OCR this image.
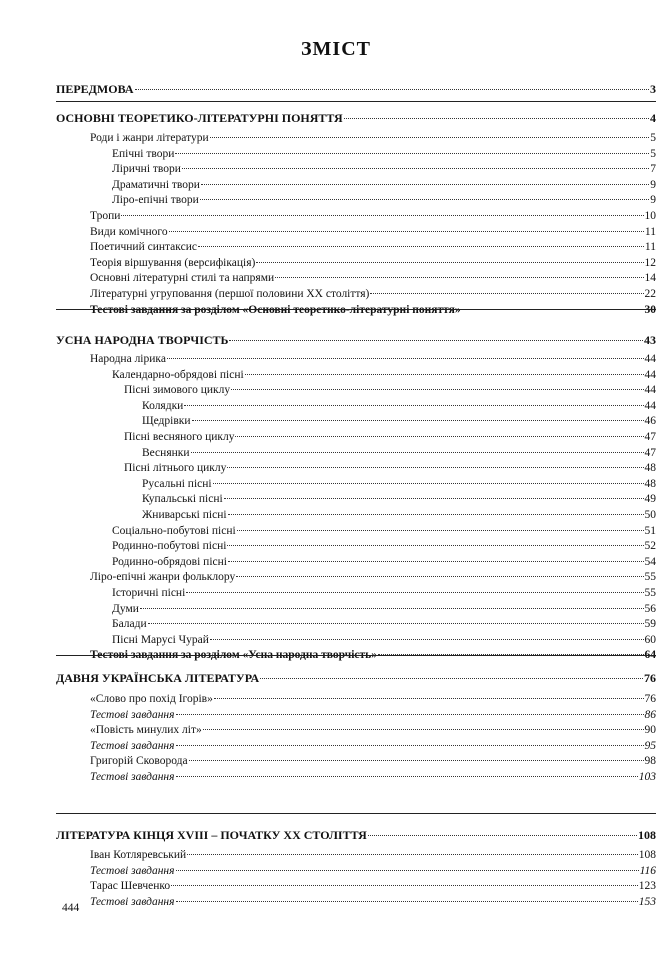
ЗМІСТ
ПЕРЕДМОВА	3
ОСНОВНІ ТЕОРЕТИКО-ЛІТЕРАТУРНІ ПОНЯТТЯ	4
Роди і жанри літератури	5
Епічні твори	5
Ліричні твори	7
Драматичні твори	9
Ліро-епічні твори	9
Тропи	10
Види комічного	11
Поетичний синтаксис	11
Теорія віршування (версифікація)	12
Основні літературні стилі та напрями	14
Літературні угруповання (першої половини XX століття)	22
Тестові завдання за розділом «Основні теоретико-літературні поняття»	30
УСНА НАРОДНА ТВОРЧІСТЬ	43
Народна лірика	44
Календарно-обрядові пісні	44
Пісні зимового циклу	44
Колядки	44
Щедрівки	46
Пісні весняного циклу	47
Веснянки	47
Пісні літнього циклу	48
Русальні пісні	48
Купальські пісні	49
Жниварські пісні	50
Соціально-побутові пісні	51
Родинно-побутові пісні	52
Родинно-обрядові пісні	54
Ліро-епічні жанри фольклору	55
Історичні пісні	55
Думи	56
Балади	59
Пісні Марусі Чурай	60
Тестові завдання за розділом «Усна народна творчість»	64
ДАВНЯ УКРАЇНСЬКА ЛІТЕРАТУРА	76
«Слово про похід Ігорів»	76
Тестові завдання	86
«Повість минулих літ»	90
Тестові завдання	95
Григорій Сковорода	98
Тестові завдання	103
ЛІТЕРАТУРА КІНЦЯ XVIII – ПОЧАТКУ XX СТОЛІТТЯ	108
Іван Котляревський	108
Тестові завдання	116
Тарас Шевченко	123
Тестові завдання	153
444
